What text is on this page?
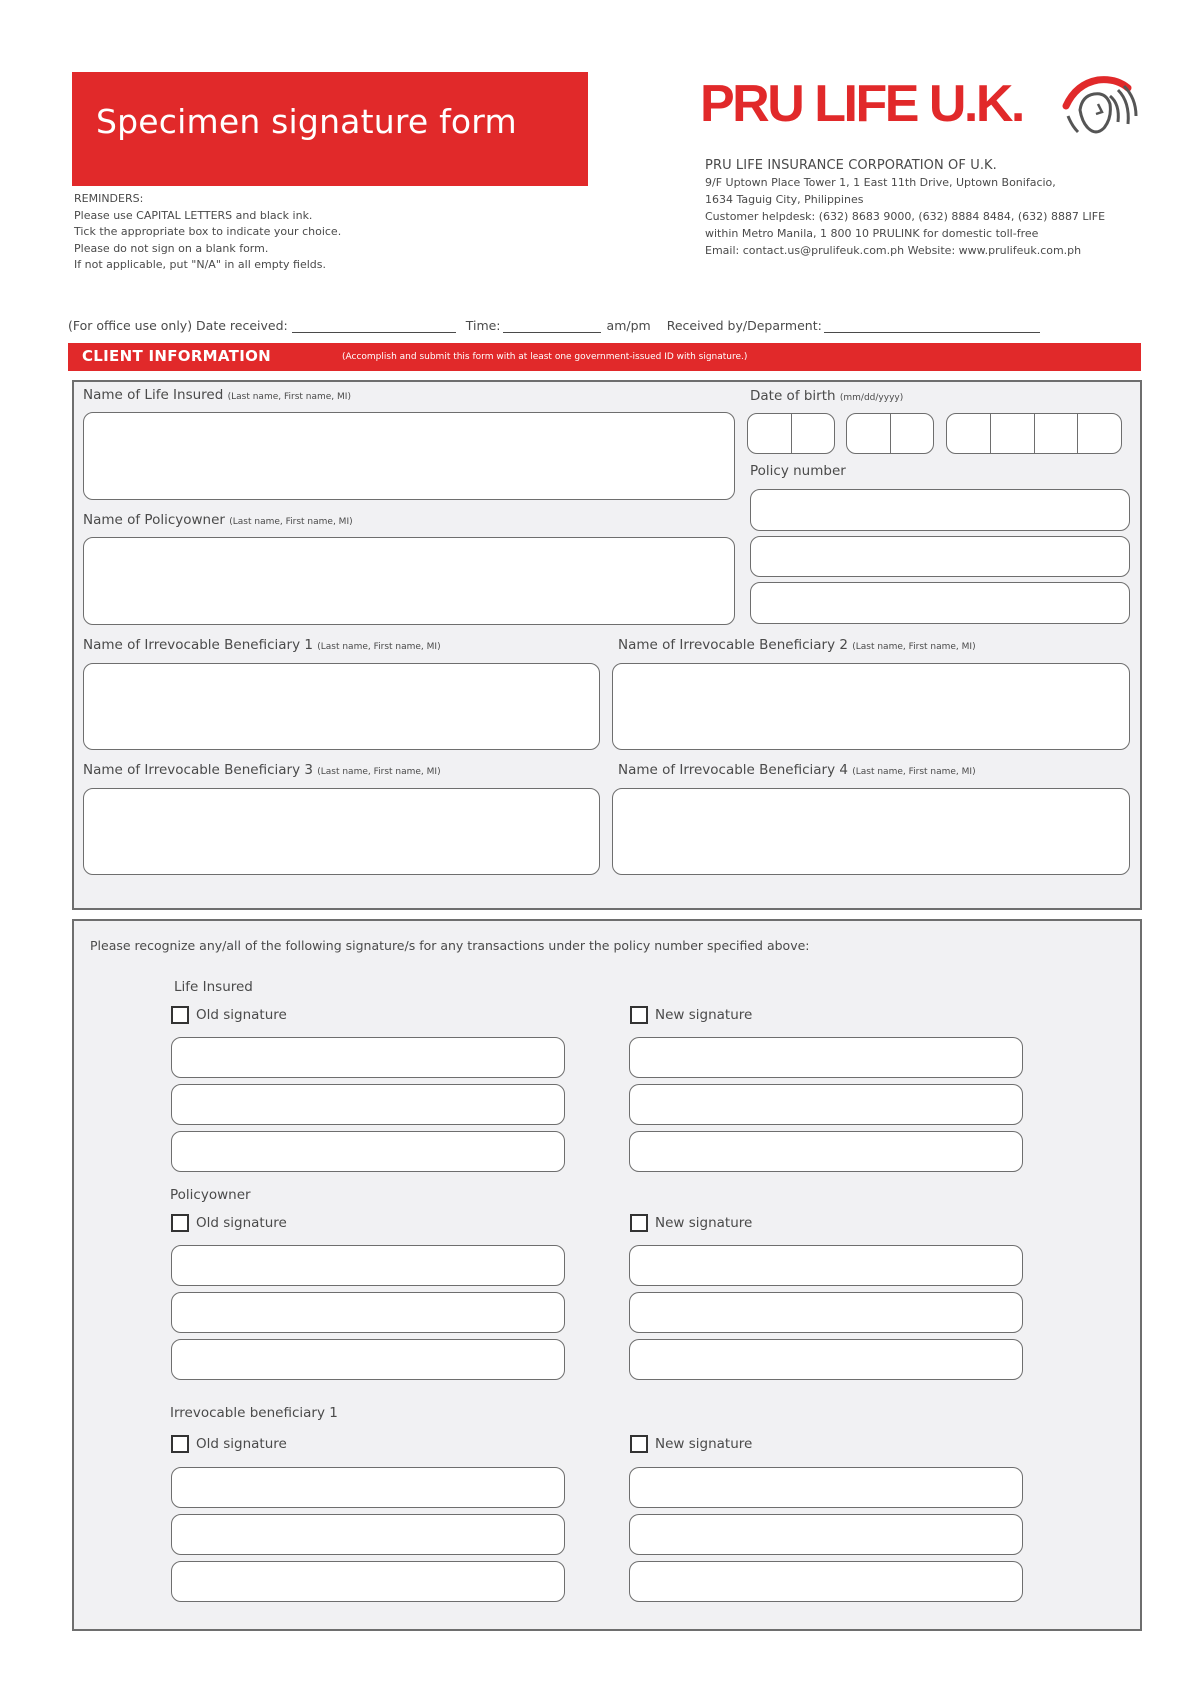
Specimen signature form
REMINDERS:
Please use CAPITAL LETTERS and black ink.
Tick the appropriate box to indicate your choice.
Please do not sign on a blank form.
If not applicable, put "N/A" in all empty fields.
PRU LIFE U.K.
PRU LIFE INSURANCE CORPORATION OF U.K.
9/F Uptown Place Tower 1, 1 East 11th Drive, Uptown Bonifacio,
1634 Taguig City, Philippines
Customer helpdesk: (632) 8683 9000, (632) 8884 8484, (632) 8887 LIFE
within Metro Manila, 1 800 10 PRULINK for domestic toll-free
Email: contact.us@prulifeuk.com.ph Website: www.prulifeuk.com.ph
(For office use only) Date received:	Time:	am/pm Received by/Deparment:
CLIENT INFORMATION	(Accomplish and submit this form with at least one government-issued ID with signature.)
Name of Life Insured (Last name, First name, MI)
Name of Policyowner (Last name, First name, MI)
Date of birth (mm/dd/yyyy)
Policy number
Name of Irrevocable Beneficiary 1 (Last name, First name, MI)	Name of Irrevocable Beneficiary 2 (Last name, First name, MI)
Name of Irrevocable Beneficiary 3 (Last name, First name, MI)	Name of Irrevocable Beneficiary 4 (Last name, First name, MI)
Please recognize any/all of the following signature/s for any transactions under the policy number specified above:
Life Insured
Old signature	New signature
Policyowner
Old signature	New signature
Irrevocable beneficiary 1
Old signature	New signature
